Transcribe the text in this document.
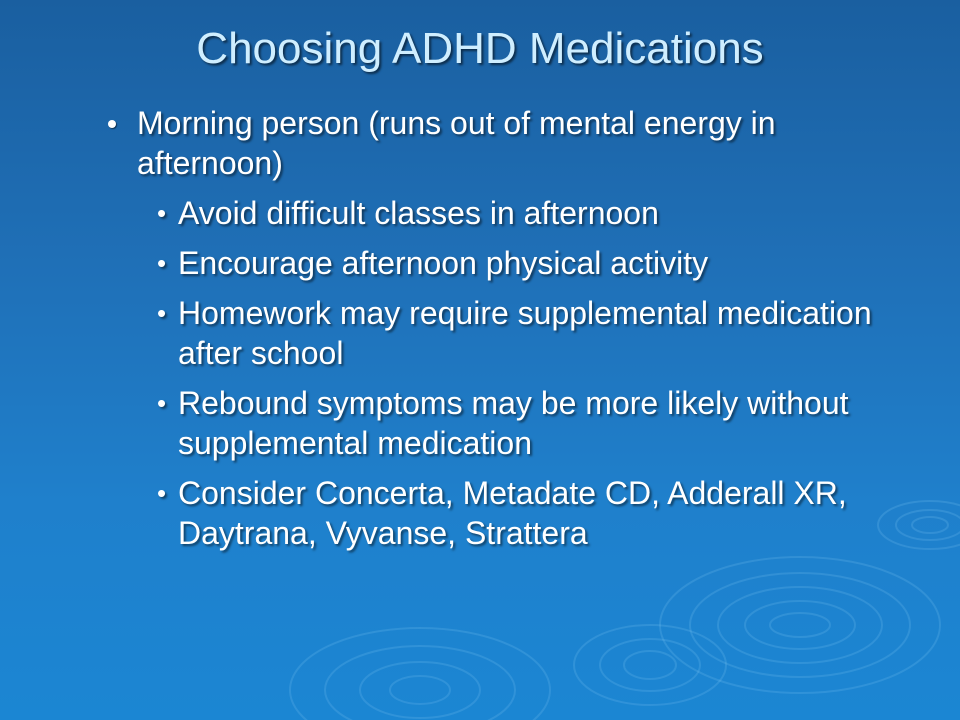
Choosing ADHD Medications
Morning person (runs out of mental energy in afternoon)
• Avoid difficult classes in afternoon
• Encourage afternoon physical activity
• Homework may require supplemental medication after school
• Rebound symptoms may be more likely without supplemental medication
• Consider Concerta, Metadate CD, Adderall XR, Daytrana, Vyvanse, Strattera
